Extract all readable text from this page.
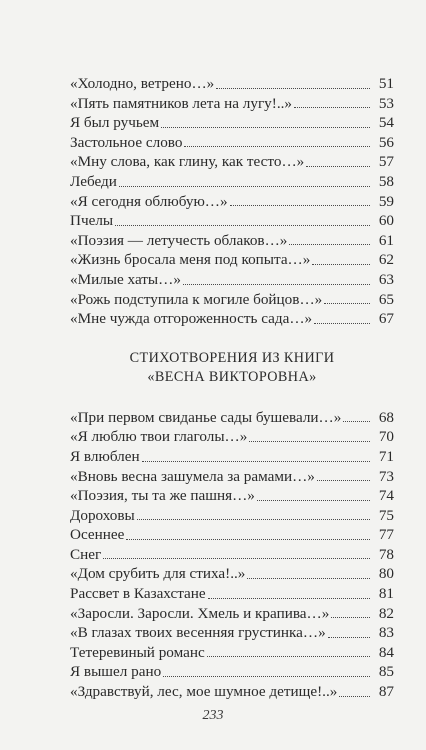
«Холодно, ветрено…»	51
«Пять памятников лета на лугу!..»	53
Я был ручьем	54
Застольное слово	56
«Мну слова, как глину, как тесто…»	57
Лебеди	58
«Я сегодня облюбую…»	59
Пчелы	60
«Поэзия — летучесть облаков…»	61
«Жизнь бросала меня под копыта…»	62
«Милые хаты…»	63
«Рожь подступила к могиле бойцов…»	65
«Мне чужда отгороженность сада…»	67
СТИХОТВОРЕНИЯ ИЗ КНИГИ
«ВЕСНА ВИКТОРОВНА»
«При первом свиданье сады бушевали…»	68
«Я люблю твои глаголы…»	70
Я влюблен	71
«Вновь весна зашумела за рамами…»	73
«Поэзия, ты та же пашня…»	74
Дороховы	75
Осеннее	77
Снег	78
«Дом срубить для стиха!..»	80
Рассвет в Казахстане	81
«Заросли. Заросли. Хмель и крапива…»	82
«В глазах твоих весенняя грустинка…»	83
Тетеревиный романс	84
Я вышел рано	85
«Здравствуй, лес, мое шумное детище!..»	87
233
